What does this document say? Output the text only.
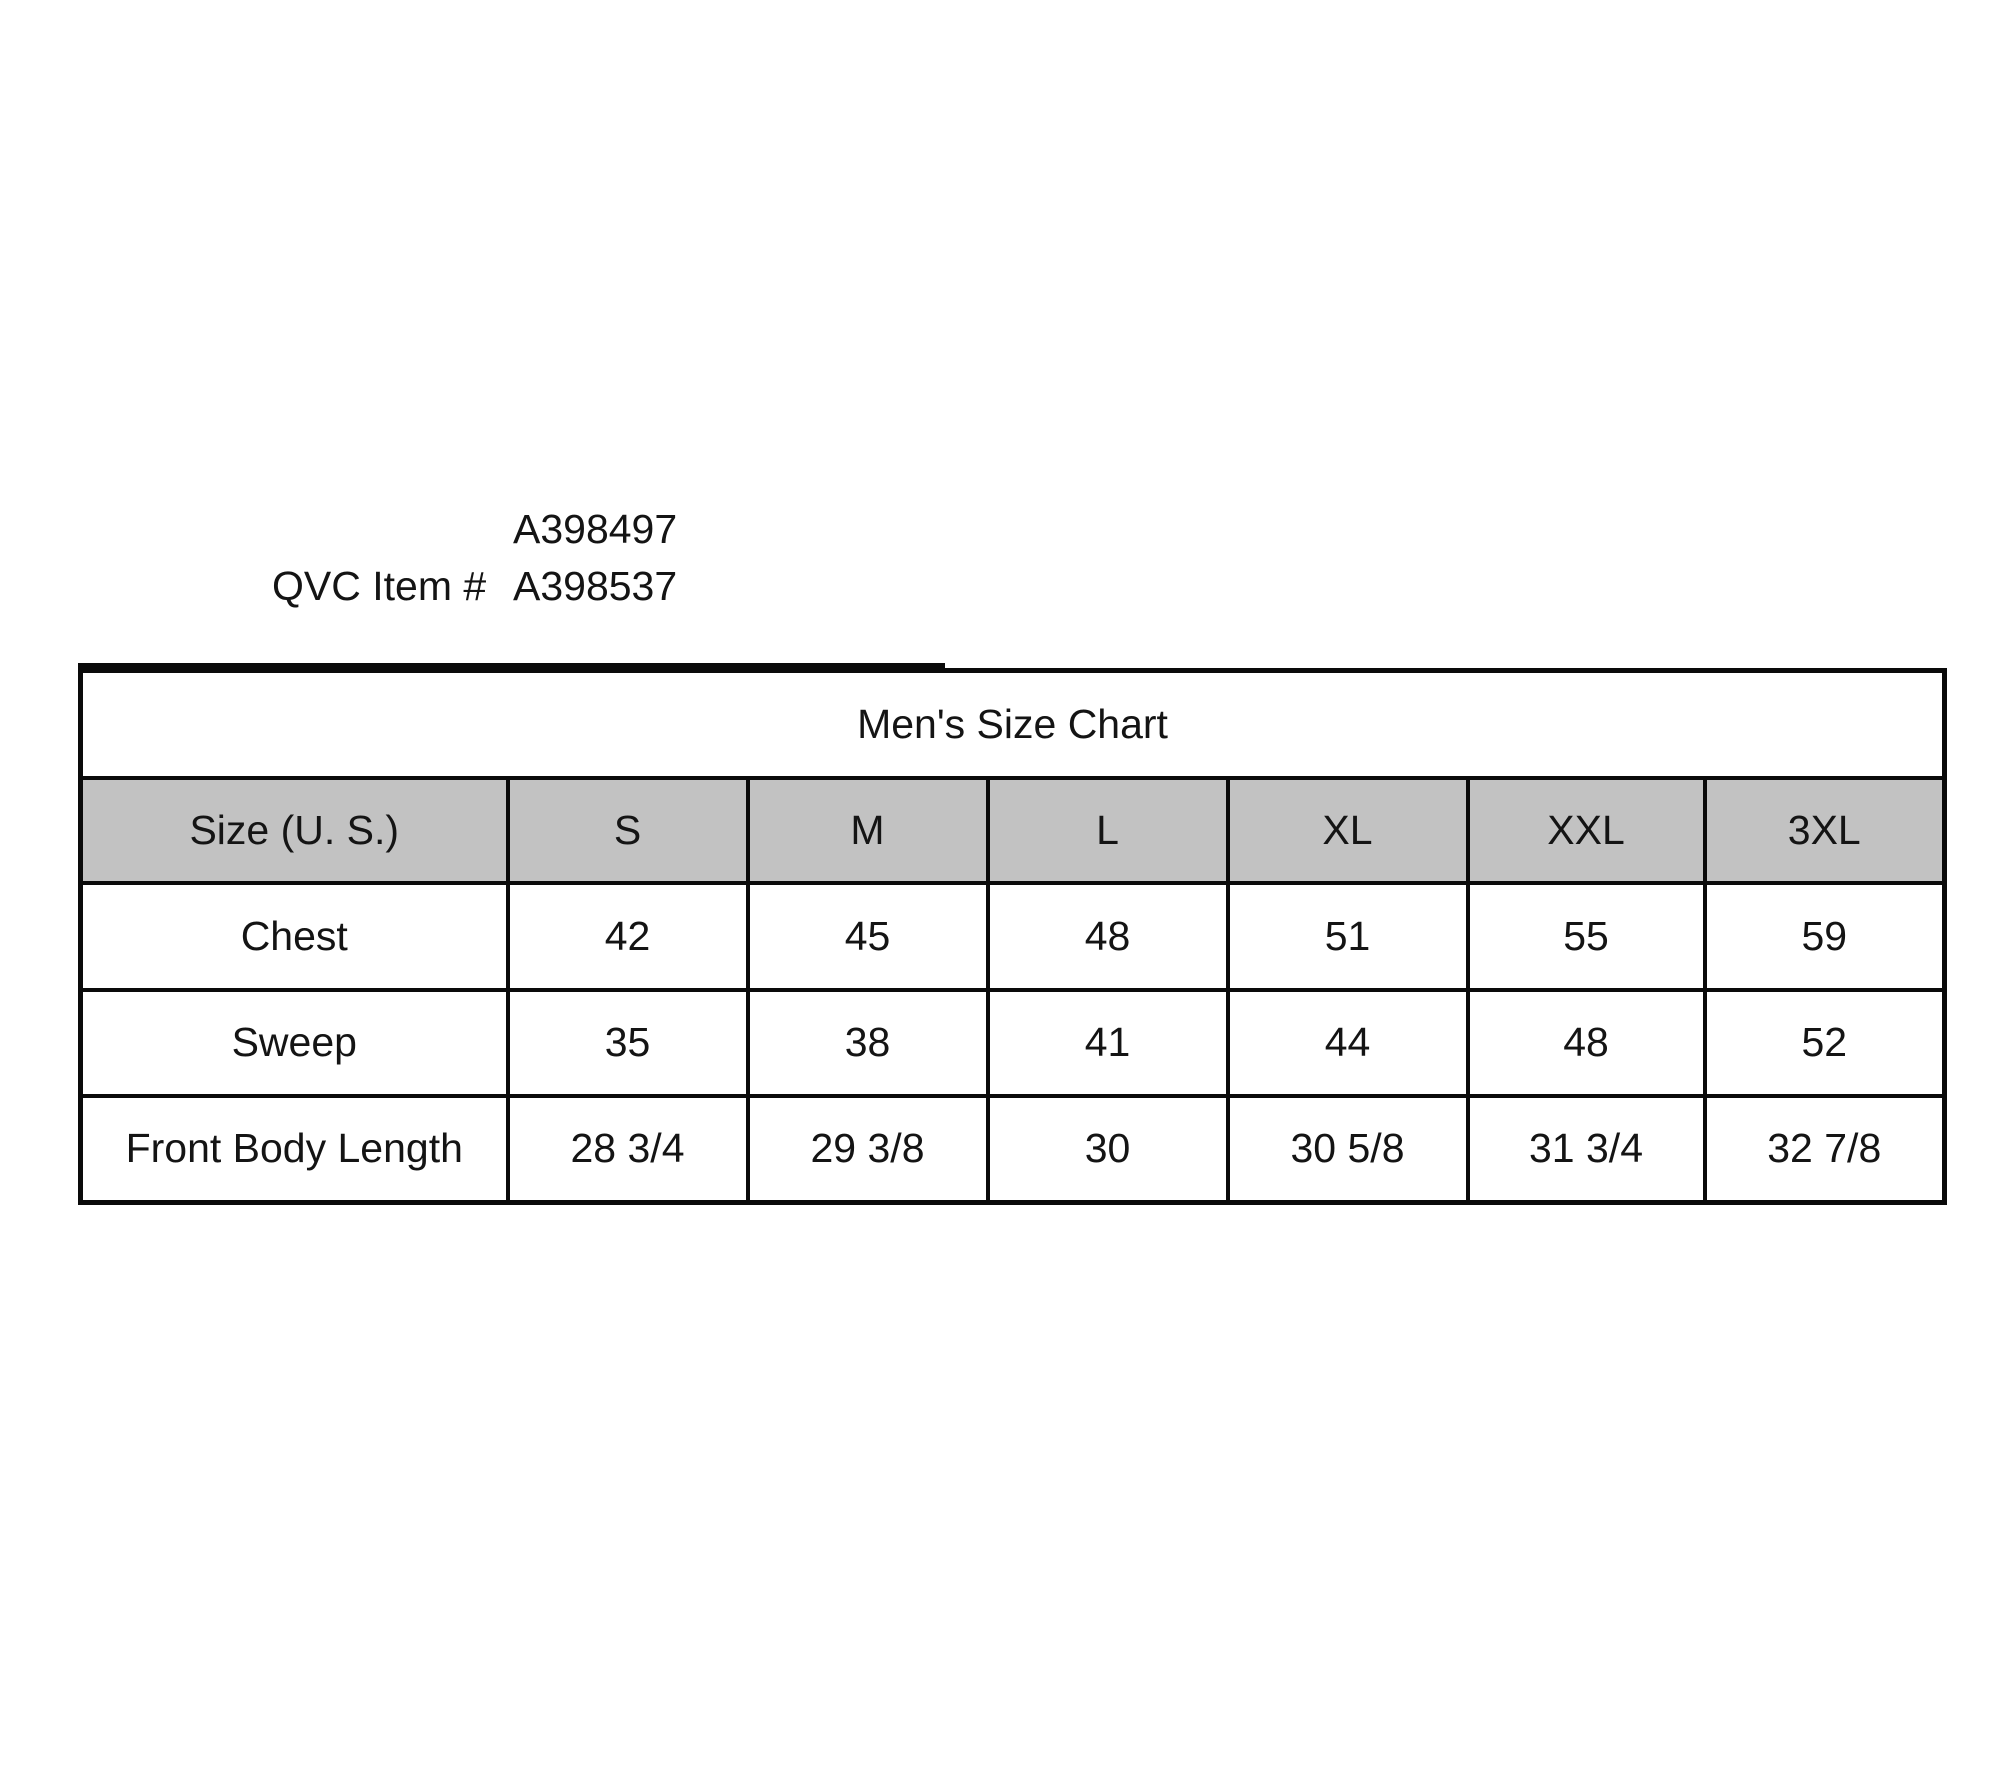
A398497
QVC Item # A398537
Men's Size Chart						
Size (U. S.)	S	M	L	XL	XXL	3XL
Chest	42	45	48	51	55	59
Sweep	35	38	41	44	48	52
Front Body Length	28 3/4	29 3/8	30	30 5/8	31 3/4	32 7/8
